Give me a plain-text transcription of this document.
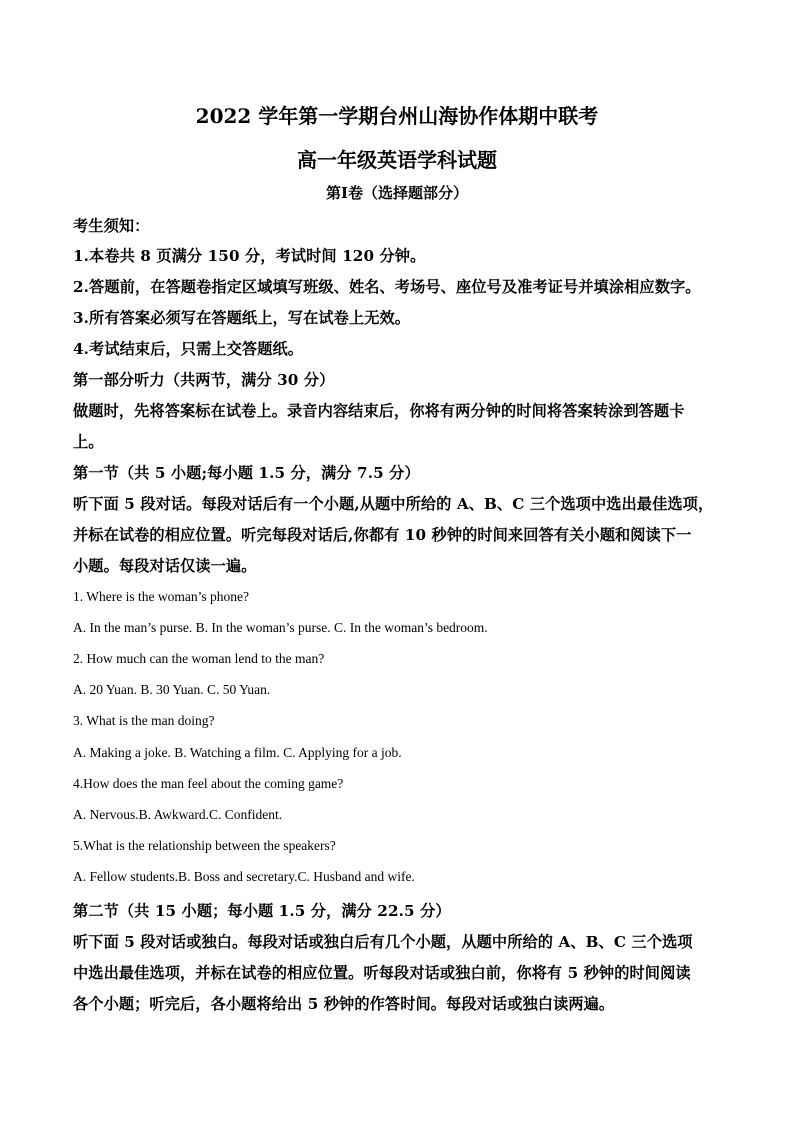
2022 学年第一学期台州山海协作体期中联考
高一年级英语学科试题
第Ⅰ卷（选择题部分）
考生须知：
1.本卷共 8 页满分 150 分，考试时间 120 分钟。
2.答题前，在答题卷指定区域填写班级、姓名、考场号、座位号及准考证号并填涂相应数字。
3.所有答案必须写在答题纸上，写在试卷上无效。
4.考试结束后，只需上交答题纸。
第一部分听力（共两节，满分 30 分）
做题时，先将答案标在试卷上。录音内容结束后，你将有两分钟的时间将答案转涂到答题卡
上。
第一节（共 5 小题;每小题 1.5 分，满分 7.5 分）
听下面 5 段对话。每段对话后有一个小题,从题中所给的 A、B、C 三个选项中选出最佳选项，
并标在试卷的相应位置。听完每段对话后,你都有 10 秒钟的时间来回答有关小题和阅读下一
小题。每段对话仅读一遍。
1. Where is the woman’s phone?
A. In the man’s purse. B. In the woman’s purse. C. In the woman’s bedroom.
2. How much can the woman lend to the man?
A. 20 Yuan. B. 30 Yuan. C. 50 Yuan.
3. What is the man doing?
A. Making a joke. B. Watching a film. C. Applying for a job.
4.How does the man feel about the coming game?
A. Nervous.B. Awkward.C. Confident.
5.What is the relationship between the speakers?
A. Fellow students.B. Boss and secretary.C. Husband and wife.
第二节（共 15 小题；每小题 1.5 分，满分 22.5 分）
听下面 5 段对话或独白。每段对话或独白后有几个小题，从题中所给的 A、B、C 三个选项
中选出最佳选项，并标在试卷的相应位置。听每段对话或独白前，你将有 5 秒钟的时间阅读
各个小题；听完后，各小题将给出 5 秒钟的作答时间。每段对话或独白读两遍。
